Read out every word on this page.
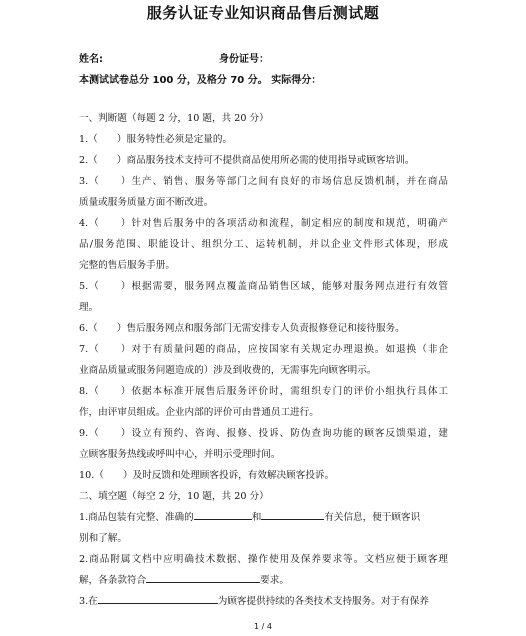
服务认证专业知识商品售后测试题
姓名:	身份证号：
本测试试卷总分 100 分，及格分 70 分。 实际得分：
一、判断题（每题 2 分，10 题，共 20 分）
1.（　　）服务特性必须是定量的。
2.（　　）商品服务技术支持可不提供商品使用所必需的使用指导或顾客培训。
3.（　　）生产、销售、服务等部门之间有良好的市场信息反馈机制，并在商品
质量或服务质量方面不断改进。
4.（　　）针对售后服务中的各项活动和流程，制定相应的制度和规范，明确产
品/服务范围、职能设计、组织分工、运转机制，并以企业文件形式体现，形成
完整的售后服务手册。
5.（　　）根据需要，服务网点覆盖商品销售区域，能够对服务网点进行有效管
理。
6.（　　）售后服务网点和服务部门无需安排专人负责报修登记和接待服务。
7.（　　）对于有质量问题的商品，应按国家有关规定办理退换。如退换（非企
业商品质量或服务问题造成的）涉及到收费的，无需事先向顾客明示。
8.（　　）依据本标准开展售后服务评价时，需组织专门的评价小组执行具体工
作，由评审员组成。企业内部的评价可由普通员工进行。
9.（　　）设立有预约、咨询、报修、投诉、防伪查询功能的顾客反馈渠道，建
立顾客服务热线或呼叫中心，并明示受理时间。
10.（　　）及时反馈和处理顾客投诉，有效解决顾客投诉。
二、填空题（每空 2 分，10 题，共 20 分）
1.商品包装有完整、准确的	和	有关信息，便于顾客识
别和了解。
2.商品附属文档中应明确技术数据、操作使用及保养要求等。文档应便于顾客理
解，各条款符合	要求。
3.在	为顾客提供持续的各类技术支持服务。对于有保养
1 / 4
